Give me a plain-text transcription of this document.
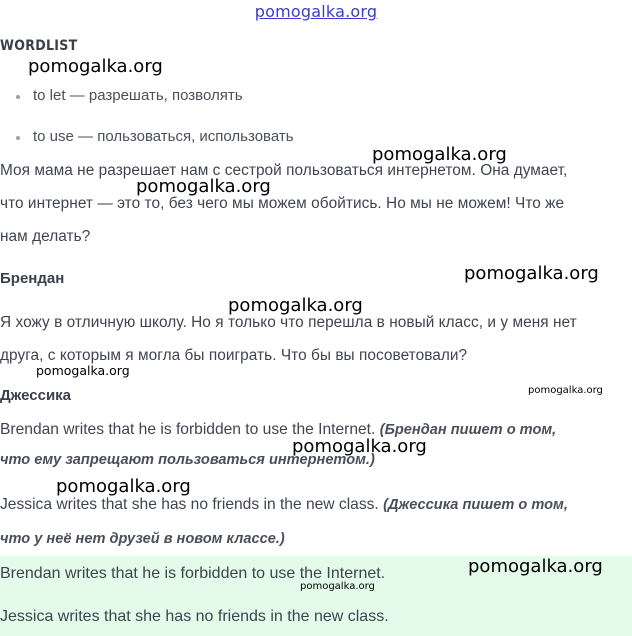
pomogalka.org
WORDLIST
to let — разрешать, позволять
to use — пользоваться, использовать
Моя мама не разрешает нам с сестрой пользоваться интернетом. Она думает,
что интернет — это то, без чего мы можем обойтись. Но мы не можем! Что же
нам делать?
Брендан
Я хожу в отличную школу. Но я только что перешла в новый класс, и у меня нет
друга, с которым я могла бы поиграть. Что бы вы посоветовали?
Джессика
Brendan writes that he is forbidden to use the Internet. (Брендан пишет о том,
что ему запрещают пользоваться интернетом.)
Jessica writes that she has no friends in the new class. (Джессика пишет о том,
что у неё нет друзей в новом классе.)
Brendan writes that he is forbidden to use the Internet.
Jessica writes that she has no friends in the new class.
pomogalka.org
pomogalka.org
pomogalka.org
pomogalka.org
pomogalka.org
pomogalka.org
pomogalka.org
pomogalka.org
pomogalka.org
pomogalka.org
pomogalka.org
